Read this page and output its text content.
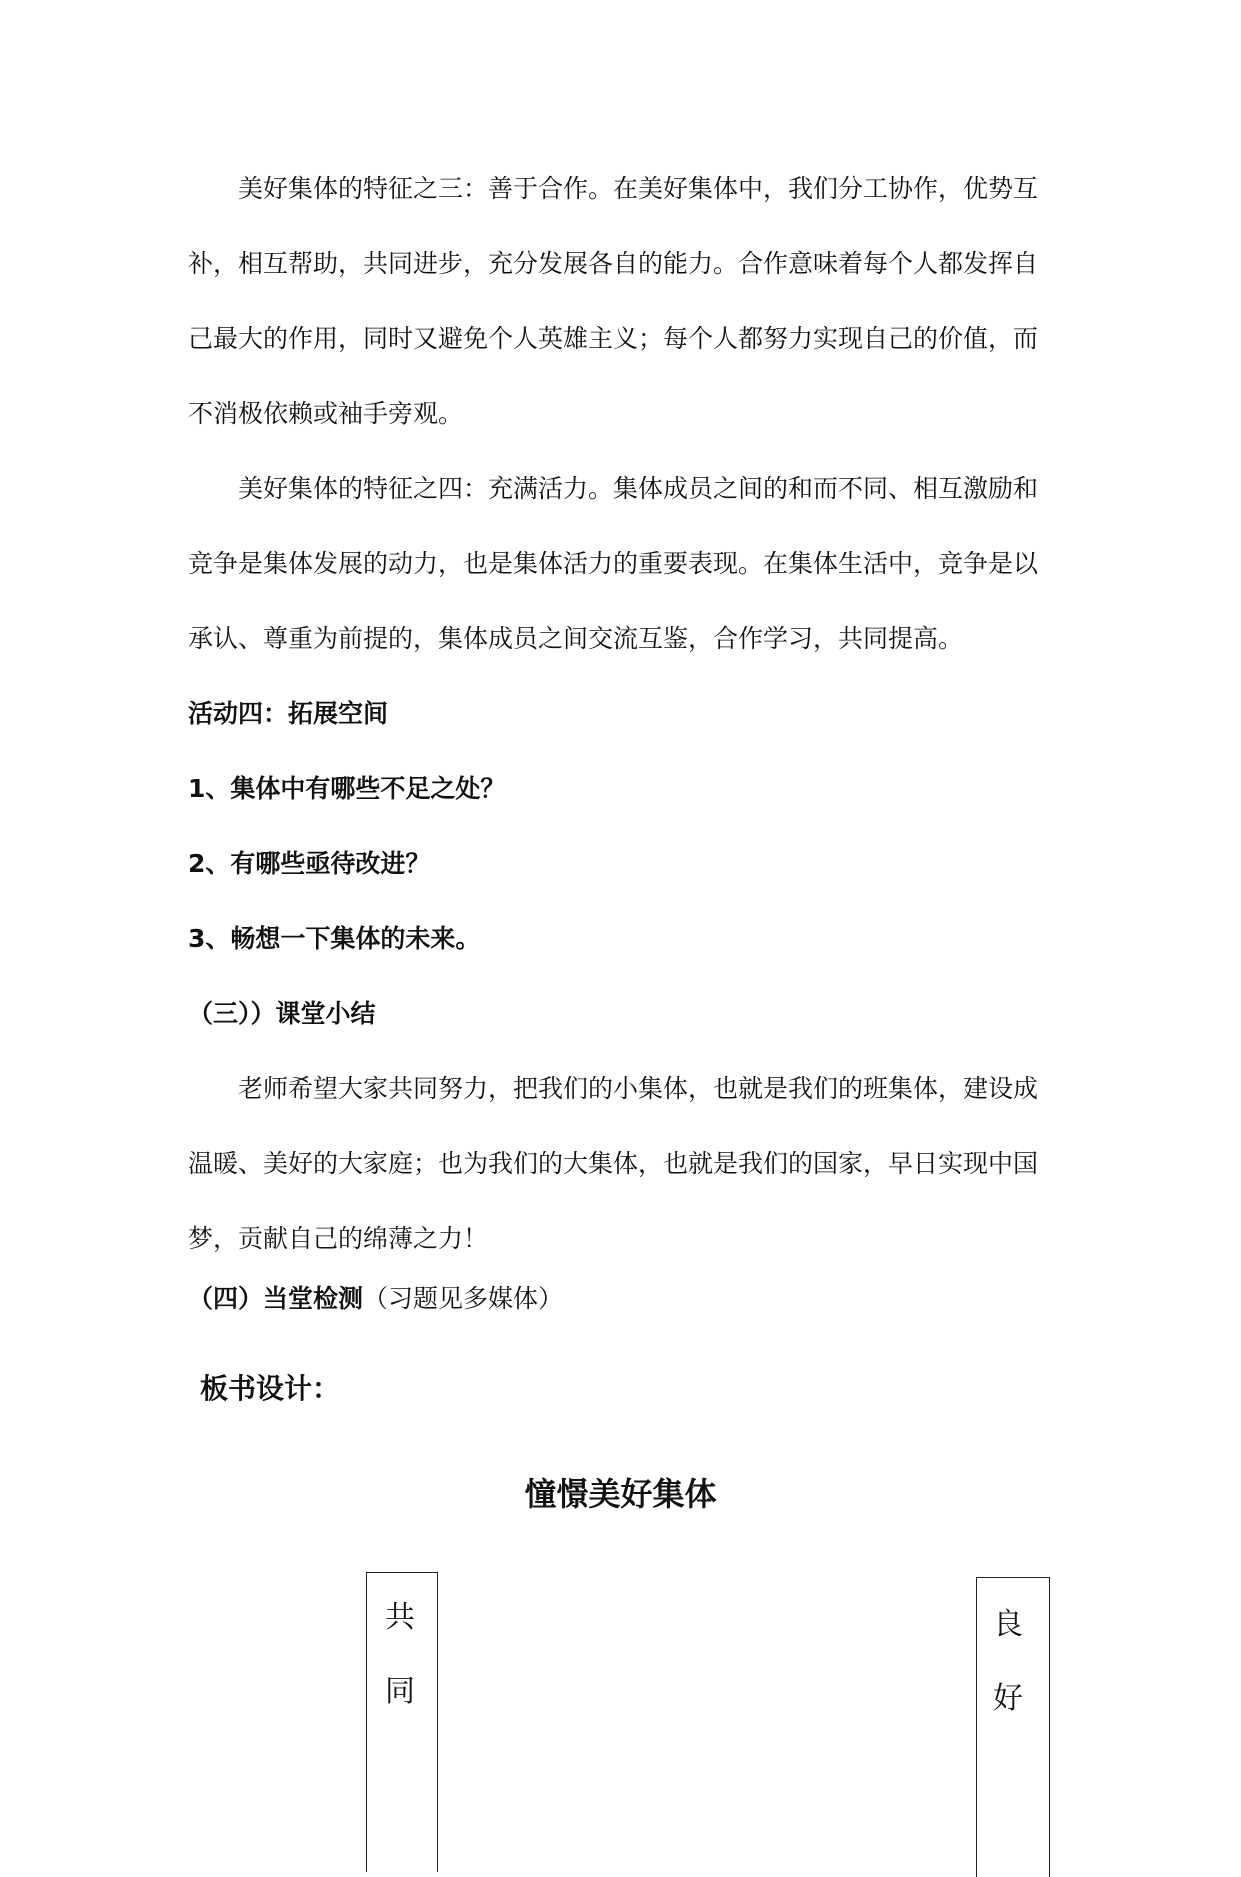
美好集体的特征之三：善于合作。在美好集体中，我们分工协作，优势互
补，相互帮助，共同进步，充分发展各自的能力。合作意味着每个人都发挥自
己最大的作用，同时又避免个人英雄主义；每个人都努力实现自己的价值，而
不消极依赖或袖手旁观。
美好集体的特征之四：充满活力。集体成员之间的和而不同、相互激励和
竞争是集体发展的动力，也是集体活力的重要表现。在集体生活中，竞争是以
承认、尊重为前提的，集体成员之间交流互鉴，合作学习，共同提高。
活动四：拓展空间
1、集体中有哪些不足之处？
2、有哪些亟待改进？
3、畅想一下集体的未来。
（三））课堂小结
老师希望大家共同努力，把我们的小集体，也就是我们的班集体，建设成
温暖、美好的大家庭；也为我们的大集体，也就是我们的国家，早日实现中国
梦，贡献自己的绵薄之力！
（四）当堂检测（习题见多媒体）
板书设计：
憧憬美好集体
共
同
良
好
